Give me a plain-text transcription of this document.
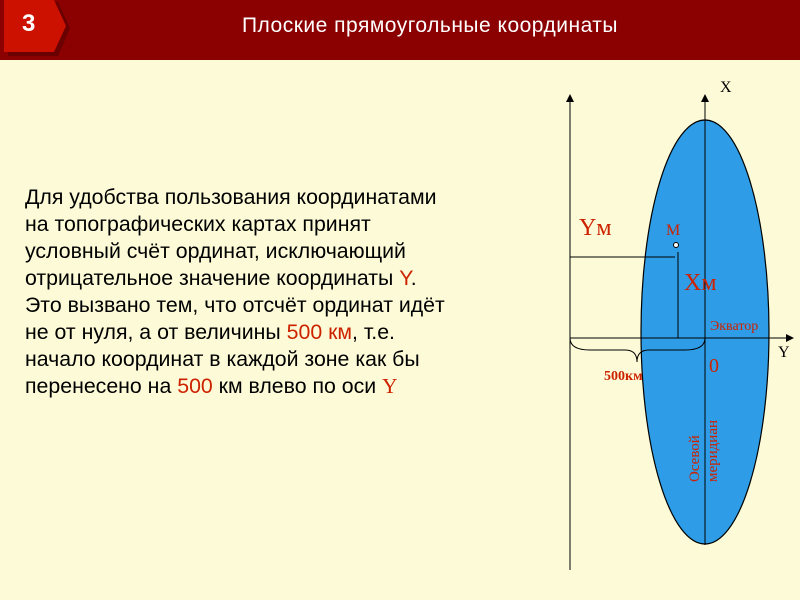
3	Плоские прямоугольные координаты
Для удобства пользования координатами на топографических картах принят условный счёт ординат, исключающий отрицательное значение координаты Y. Это вызвано тем, что отсчёт ординат идёт не от нуля, а от величины 500 км, т.е. начало координат в каждой зоне как бы перенесено на 500 км влево по оси Y
X
Y
M
Yм
Xм
Экватор
0
500км
Осевой меридиан
